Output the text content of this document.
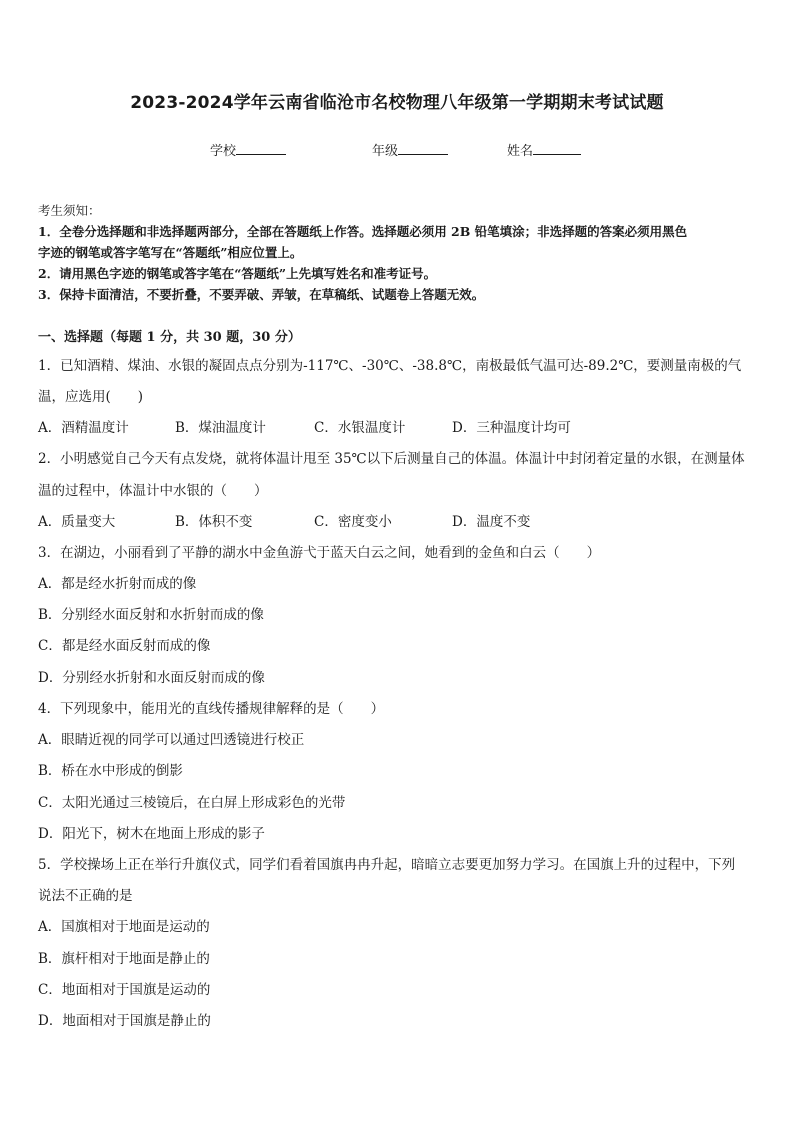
2023-2024学年云南省临沧市名校物理八年级第一学期期末考试试题
学校	年级	姓名
考生须知：
1．全卷分选择题和非选择题两部分，全部在答题纸上作答。选择题必须用 2B 铅笔填涂；非选择题的答案必须用黑色
字迹的钢笔或答字笔写在“答题纸”相应位置上。
2．请用黑色字迹的钢笔或答字笔在“答题纸”上先填写姓名和准考证号。
3．保持卡面清洁，不要折叠，不要弄破、弄皱，在草稿纸、试题卷上答题无效。
一、选择题（每题 1 分，共 30 题，30 分）
1．已知酒精、煤油、水银的凝固点点分别为-117℃、-30℃、-38.8℃，南极最低气温可达-89.2℃，要测量南极的气
温，应选用(　　)
A．酒精温度计	B．煤油温度计	C．水银温度计	D．三种温度计均可
2．小明感觉自己今天有点发烧，就将体温计甩至 35℃以下后测量自己的体温。体温计中封闭着定量的水银，在测量体
温的过程中，体温计中水银的（　　）
A．质量变大	B．体积不变	C．密度变小	D．温度不变
3．在湖边，小丽看到了平静的湖水中金鱼游弋于蓝天白云之间，她看到的金鱼和白云（　　）
A．都是经水折射而成的像
B．分别经水面反射和水折射而成的像
C．都是经水面反射而成的像
D．分别经水折射和水面反射而成的像
4．下列现象中，能用光的直线传播规律解释的是（　　）
A．眼睛近视的同学可以通过凹透镜进行校正
B．桥在水中形成的倒影
C．太阳光通过三棱镜后，在白屏上形成彩色的光带
D．阳光下，树木在地面上形成的影子
5．学校操场上正在举行升旗仪式，同学们看着国旗冉冉升起，暗暗立志要更加努力学习。在国旗上升的过程中，下列
说法不正确的是
A．国旗相对于地面是运动的
B．旗杆相对于地面是静止的
C．地面相对于国旗是运动的
D．地面相对于国旗是静止的
